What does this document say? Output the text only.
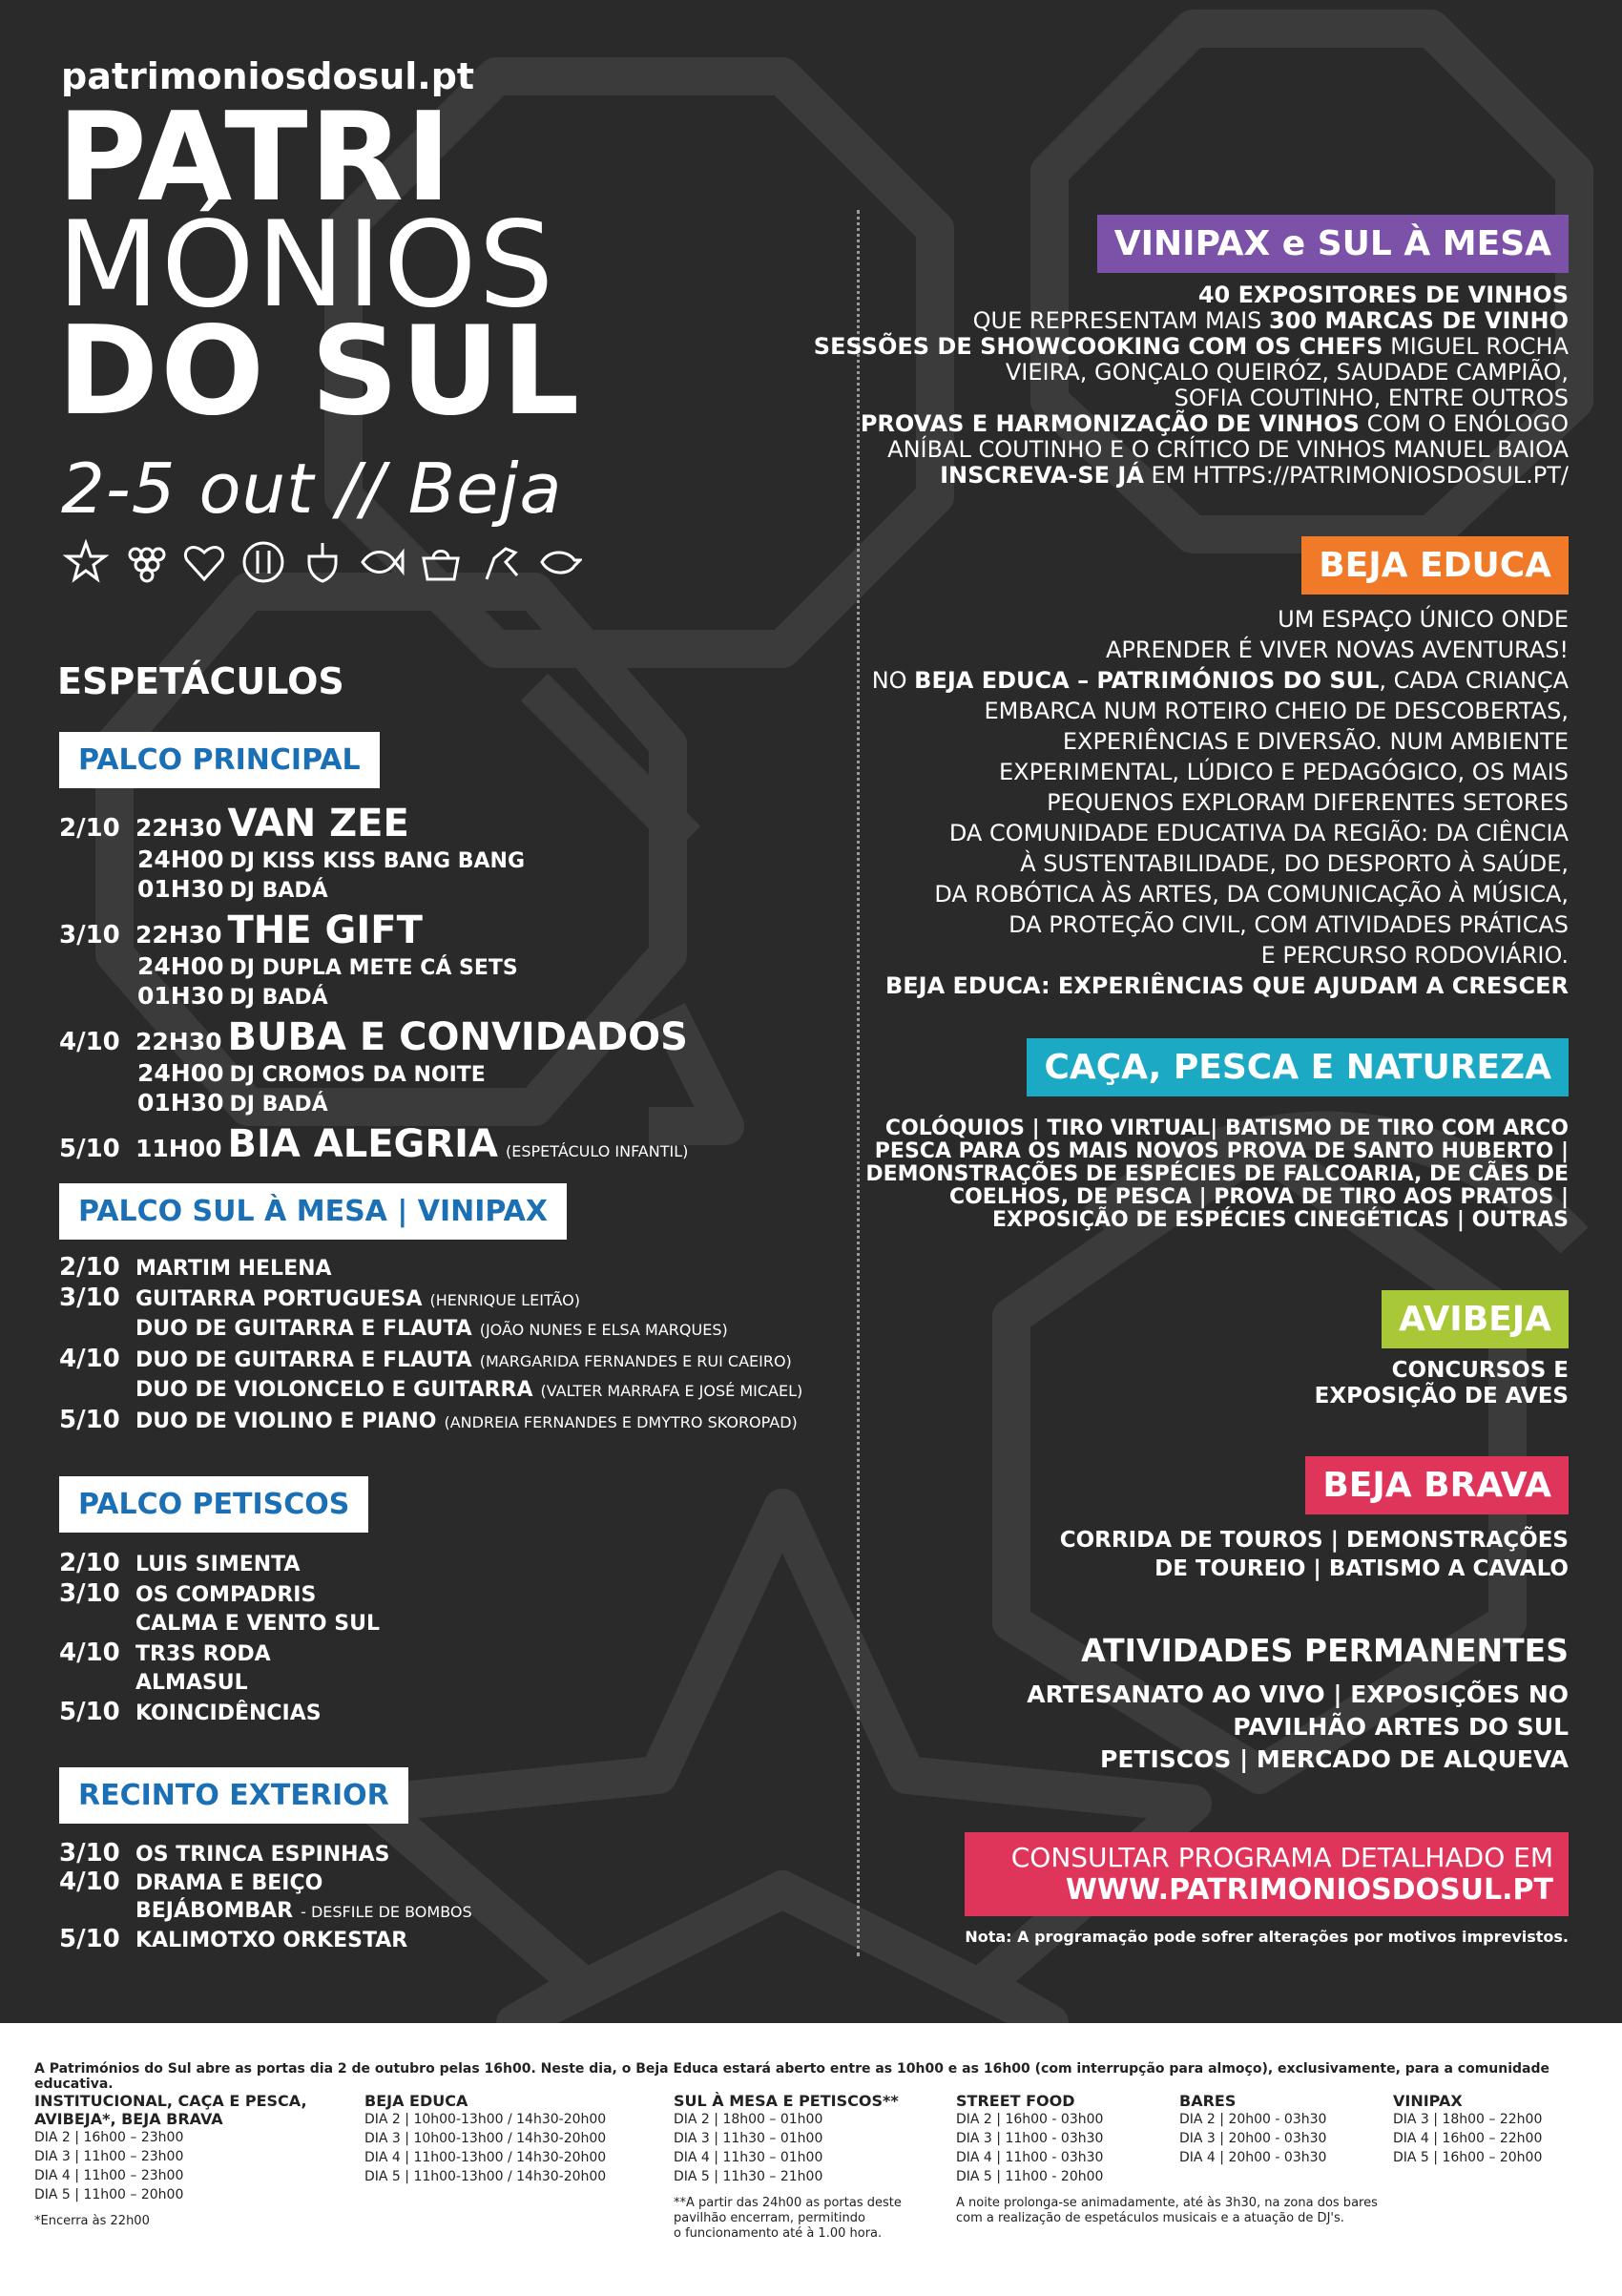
patrimoniosdosul.pt
PATRI
MÓNIOS
DO SUL
2-5 out // Beja
ESPETÁCULOS
PALCO PRINCIPAL
2/10 22H30 VAN ZEE
24H00 DJ KISS KISS BANG BANG
01H30 DJ BADÁ
3/10 22H30 THE GIFT
24H00 DJ DUPLA METE CÁ SETS
01H30 DJ BADÁ
4/10 22H30 BUBA E CONVIDADOS
24H00 DJ CROMOS DA NOITE
01H30 DJ BADÁ
5/10 11H00 BIA ALEGRIA (ESPETÁCULO INFANTIL)
PALCO SUL À MESA | VINIPAX
2/10 MARTIM HELENA
3/10 GUITARRA PORTUGUESA (HENRIQUE LEITÃO)
DUO DE GUITARRA E FLAUTA (JOÃO NUNES E ELSA MARQUES)
4/10 DUO DE GUITARRA E FLAUTA (MARGARIDA FERNANDES E RUI CAEIRO)
DUO DE VIOLONCELO E GUITARRA (VALTER MARRAFA E JOSÉ MICAEL)
5/10 DUO DE VIOLINO E PIANO (ANDREIA FERNANDES E DMYTRO SKOROPAD)
PALCO PETISCOS
2/10 LUIS SIMENTA
3/10 OS COMPADRIS
CALMA E VENTO SUL
4/10 TR3S RODA
ALMASUL
5/10 KOINCIDÊNCIAS
RECINTO EXTERIOR
3/10 OS TRINCA ESPINHAS
4/10 DRAMA E BEIÇO
BEJÁBOMBAR - DESFILE DE BOMBOS
5/10 KALIMOTXO ORKESTAR
VINIPAX e SUL À MESA
40 EXPOSITORES DE VINHOS
QUE REPRESENTAM MAIS 300 MARCAS DE VINHO
SESSÕES DE SHOWCOOKING COM OS CHEFS MIGUEL ROCHA
VIEIRA, GONÇALO QUEIRÓZ, SAUDADE CAMPIÃO,
SOFIA COUTINHO, ENTRE OUTROS
PROVAS E HARMONIZAÇÃO DE VINHOS COM O ENÓLOGO
ANÍBAL COUTINHO E O CRÍTICO DE VINHOS MANUEL BAIOA
INSCREVA-SE JÁ EM HTTPS://PATRIMONIOSDOSUL.PT/
BEJA EDUCA
UM ESPAÇO ÚNICO ONDE
APRENDER É VIVER NOVAS AVENTURAS!
NO BEJA EDUCA – PATRIMÓNIOS DO SUL, CADA CRIANÇA
EMBARCA NUM ROTEIRO CHEIO DE DESCOBERTAS,
EXPERIÊNCIAS E DIVERSÃO. NUM AMBIENTE
EXPERIMENTAL, LÚDICO E PEDAGÓGICO, OS MAIS
PEQUENOS EXPLORAM DIFERENTES SETORES
DA COMUNIDADE EDUCATIVA DA REGIÃO: DA CIÊNCIA
À SUSTENTABILIDADE, DO DESPORTO À SAÚDE,
DA ROBÓTICA ÀS ARTES, DA COMUNICAÇÃO À MÚSICA,
DA PROTEÇÃO CIVIL, COM ATIVIDADES PRÁTICAS
E PERCURSO RODOVIÁRIO.
BEJA EDUCA: EXPERIÊNCIAS QUE AJUDAM A CRESCER
CAÇA, PESCA E NATUREZA
COLÓQUIOS | TIRO VIRTUAL| BATISMO DE TIRO COM ARCO
PESCA PARA OS MAIS NOVOS PROVA DE SANTO HUBERTO |
DEMONSTRAÇÕES DE ESPÉCIES DE FALCOARIA, DE CÃES DE
COELHOS, DE PESCA | PROVA DE TIRO AOS PRATOS |
EXPOSIÇÃO DE ESPÉCIES CINEGÉTICAS | OUTRAS
AVIBEJA
CONCURSOS E
EXPOSIÇÃO DE AVES
BEJA BRAVA
CORRIDA DE TOUROS | DEMONSTRAÇÕES
DE TOUREIO | BATISMO A CAVALO
ATIVIDADES PERMANENTES
ARTESANATO AO VIVO | EXPOSIÇÕES NO
PAVILHÃO ARTES DO SUL
PETISCOS | MERCADO DE ALQUEVA
CONSULTAR PROGRAMA DETALHADO EM
WWW.PATRIMONIOSDOSUL.PT
Nota: A programação pode sofrer alterações por motivos imprevistos.
A Patrimónios do Sul abre as portas dia 2 de outubro pelas 16h00. Neste dia, o Beja Educa estará aberto entre as 10h00 e as 16h00 (com interrupção para almoço), exclusivamente, para a comunidade educativa.
INSTITUCIONAL, CAÇA E PESCA,
AVIBEJA*, BEJA BRAVA
DIA 2 | 16h00 – 23h00
DIA 3 | 11h00 – 23h00
DIA 4 | 11h00 – 23h00
DIA 5 | 11h00 – 20h00
*Encerra às 22h00
BEJA EDUCA
DIA 2 | 10h00-13h00 / 14h30-20h00
DIA 3 | 10h00-13h00 / 14h30-20h00
DIA 4 | 11h00-13h00 / 14h30-20h00
DIA 5 | 11h00-13h00 / 14h30-20h00
SUL À MESA E PETISCOS**
DIA 2 | 18h00 – 01h00
DIA 3 | 11h30 – 01h00
DIA 4 | 11h30 – 01h00
DIA 5 | 11h30 – 21h00
**A partir das 24h00 as portas deste
pavilhão encerram, permitindo
o funcionamento até à 1.00 hora.
STREET FOOD
DIA 2 | 16h00 - 03h00
DIA 3 | 11h00 - 03h30
DIA 4 | 11h00 - 03h30
DIA 5 | 11h00 - 20h00
A noite prolonga-se animadamente, até às 3h30, na zona dos bares
com a realização de espetáculos musicais e a atuação de DJ's.
BARES
DIA 2 | 20h00 - 03h30
DIA 3 | 20h00 - 03h30
DIA 4 | 20h00 - 03h30
VINIPAX
DIA 3 | 18h00 – 22h00
DIA 4 | 16h00 – 22h00
DIA 5 | 16h00 – 20h00
